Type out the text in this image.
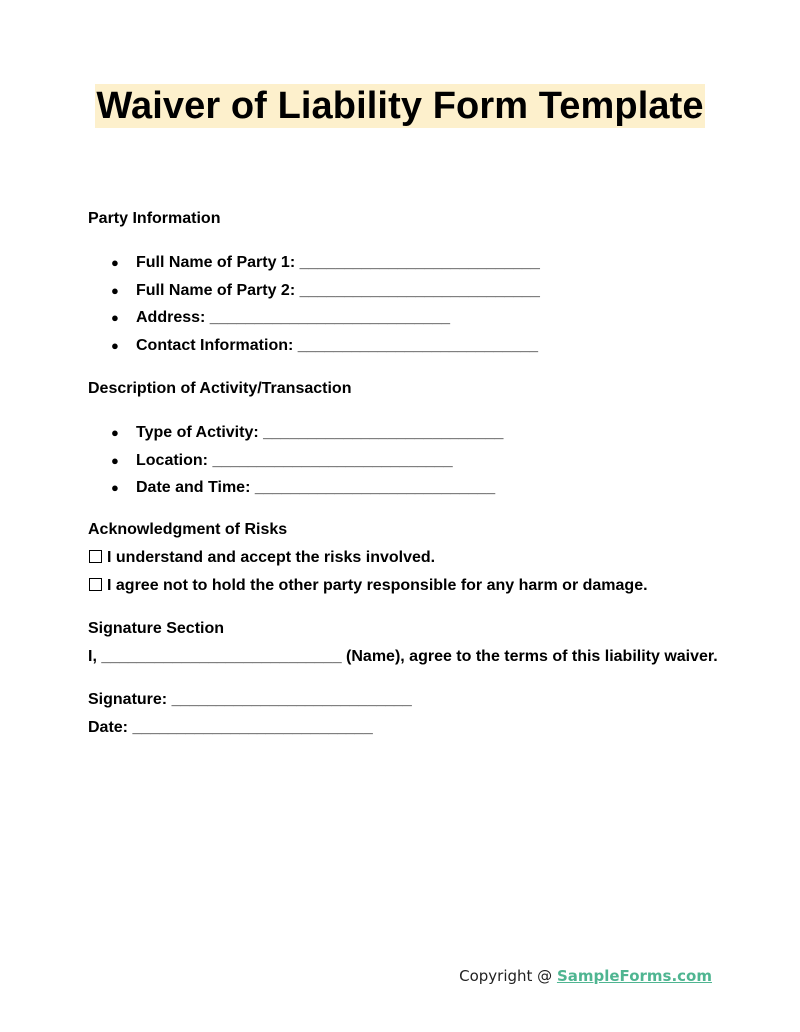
Waiver of Liability Form Template
Party Information
● Full Name of Party 1: ___________________________
● Full Name of Party 2: ___________________________
● Address: ___________________________
● Contact Information: ___________________________
Description of Activity/Transaction
● Type of Activity: ___________________________
● Location: ___________________________
● Date and Time: ___________________________
Acknowledgment of Risks
I understand and accept the risks involved.
I agree not to hold the other party responsible for any harm or damage.
Signature Section
I, ___________________________ (Name), agree to the terms of this liability waiver.
Signature: ___________________________
Date: ___________________________
Copyright @ SampleForms.com
